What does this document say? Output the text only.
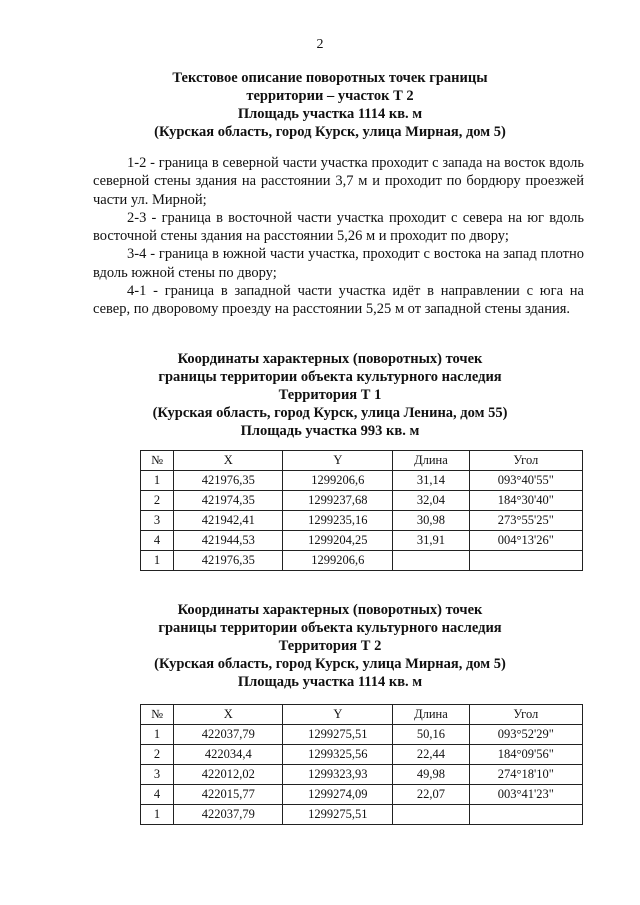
2
Текстовое описание поворотных точек границы
территории – участок Т 2
Площадь участка 1114 кв. м
(Курская область, город Курск, улица Мирная, дом 5)

1-2 - граница в северной части участка проходит с запада на восток вдоль северной стены здания на расстоянии 3,7 м и проходит по бордюру проезжей части ул. Мирной;

2-3 - граница в восточной части участка проходит с севера на юг вдоль восточной стены здания на расстоянии 5,26 м и проходит по двору;

3-4 - граница в южной части участка, проходит с востока на запад плотно вдоль южной стены по двору;

4-1 - граница в западной части участка идёт в направлении с юга на север, по дворовому проезду на расстоянии 5,25 м от западной стены здания.

Координаты характерных (поворотных) точек
границы территории объекта культурного наследия
Территория Т 1
(Курская область, город Курск, улица Ленина, дом 55)
Площадь участка 993 кв. м
№	X	Y	Длина	Угол
1	421976,35	1299206,6	31,14	093°40'55"
2	421974,35	1299237,68	32,04	184°30'40"
3	421942,41	1299235,16	30,98	273°55'25"
4	421944,53	1299204,25	31,91	004°13'26"
1	421976,35	1299206,6		
Координаты характерных (поворотных) точек
границы территории объекта культурного наследия
Территория Т 2
(Курская область, город Курск, улица Мирная, дом 5)
Площадь участка 1114 кв. м
№	X	Y	Длина	Угол
1	422037,79	1299275,51	50,16	093°52'29"
2	422034,4	1299325,56	22,44	184°09'56"
3	422012,02	1299323,93	49,98	274°18'10"
4	422015,77	1299274,09	22,07	003°41'23"
1	422037,79	1299275,51		
